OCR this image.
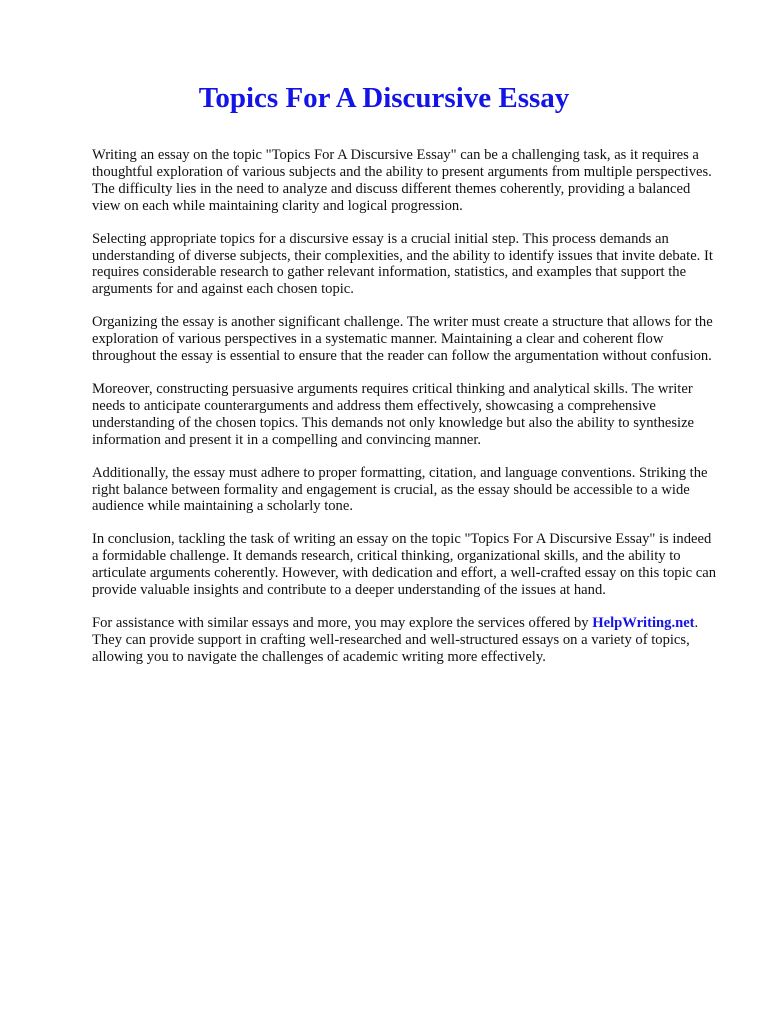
Topics For A Discursive Essay

Writing an essay on the topic "Topics For A Discursive Essay" can be a challenging task, as it requires a thoughtful exploration of various subjects and the ability to present arguments from multiple perspectives. The difficulty lies in the need to analyze and discuss different themes coherently, providing a balanced view on each while maintaining clarity and logical progression.

Selecting appropriate topics for a discursive essay is a crucial initial step. This process demands an understanding of diverse subjects, their complexities, and the ability to identify issues that invite debate. It requires considerable research to gather relevant information, statistics, and examples that support the arguments for and against each chosen topic.

Organizing the essay is another significant challenge. The writer must create a structure that allows for the exploration of various perspectives in a systematic manner. Maintaining a clear and coherent flow throughout the essay is essential to ensure that the reader can follow the argumentation without confusion.

Moreover, constructing persuasive arguments requires critical thinking and analytical skills. The writer needs to anticipate counterarguments and address them effectively, showcasing a comprehensive understanding of the chosen topics. This demands not only knowledge but also the ability to synthesize information and present it in a compelling and convincing manner.

Additionally, the essay must adhere to proper formatting, citation, and language conventions. Striking the right balance between formality and engagement is crucial, as the essay should be accessible to a wide audience while maintaining a scholarly tone.

In conclusion, tackling the task of writing an essay on the topic "Topics For A Discursive Essay" is indeed a formidable challenge. It demands research, critical thinking, organizational skills, and the ability to articulate arguments coherently. However, with dedication and effort, a well-crafted essay on this topic can provide valuable insights and contribute to a deeper understanding of the issues at hand.

For assistance with similar essays and more, you may explore the services offered by HelpWriting.net. They can provide support in crafting well-researched and well-structured essays on a variety of topics, allowing you to navigate the challenges of academic writing more effectively.
